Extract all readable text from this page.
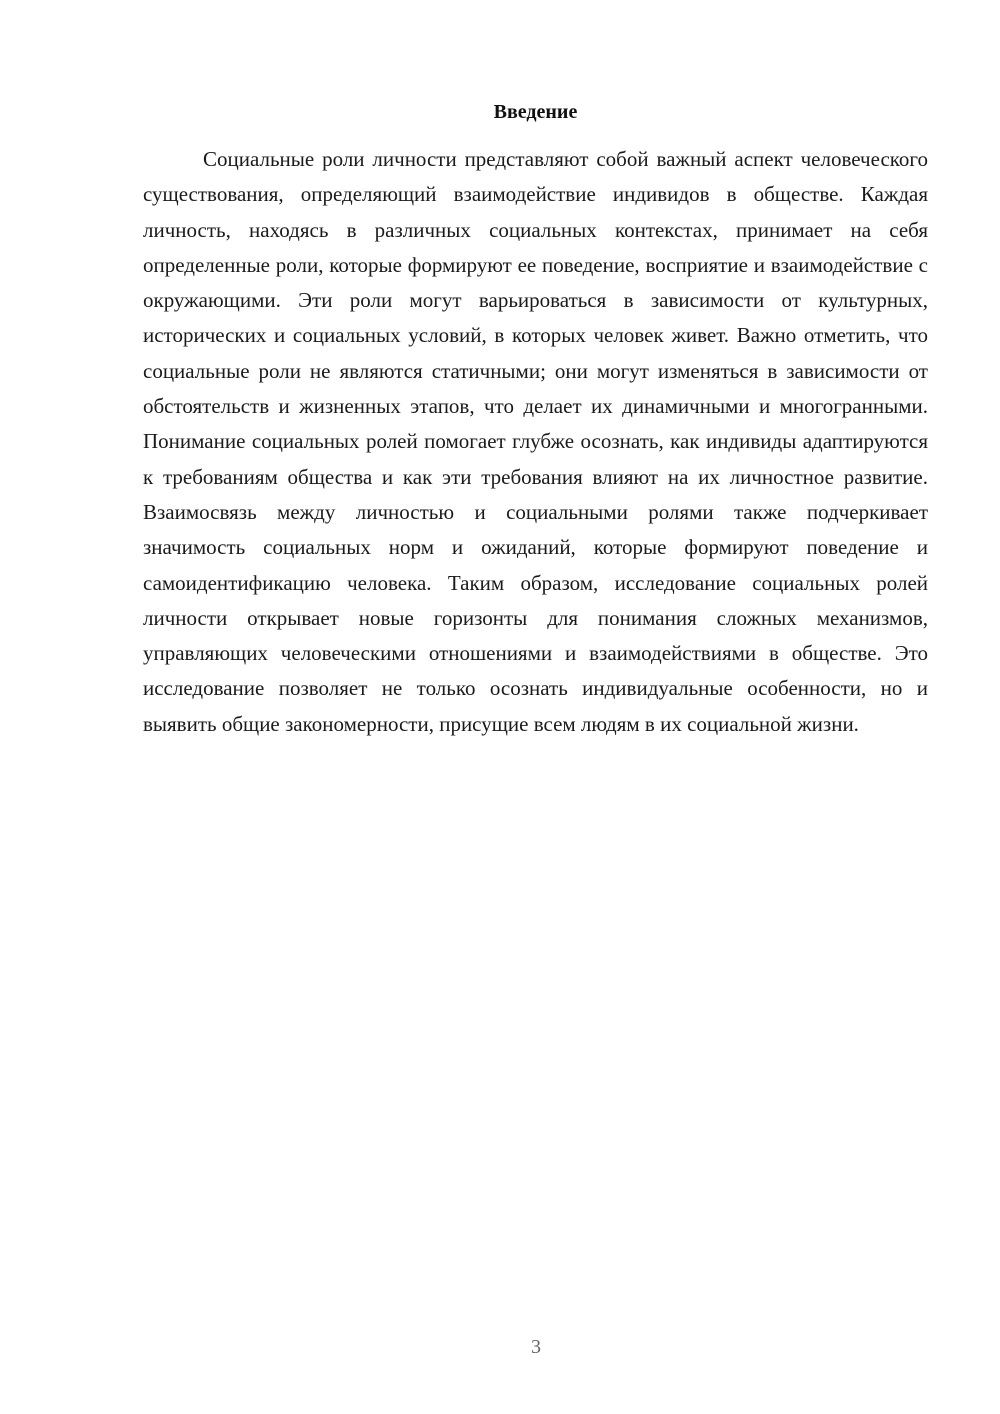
Введение

Социальные роли личности представляют собой важный аспект человеческого существования, определяющий взаимодействие индивидов в обществе. Каждая личность, находясь в различных социальных контекстах, принимает на себя определенные роли, которые формируют ее поведение, восприятие и взаимодействие с окружающими. Эти роли могут варьироваться в зависимости от культурных, исторических и социальных условий, в которых человек живет. Важно отметить, что социальные роли не являются статичными; они могут изменяться в зависимости от обстоятельств и жизненных этапов, что делает их динамичными и многогранными. Понимание социальных ролей помогает глубже осознать, как индивиды адаптируются к требованиям общества и как эти требования влияют на их личностное развитие. Взаимосвязь между личностью и социальными ролями также подчеркивает значимость социальных норм и ожиданий, которые формируют поведение и самоидентификацию человека. Таким образом, исследование социальных ролей личности открывает новые горизонты для понимания сложных механизмов, управляющих человеческими отношениями и взаимодействиями в обществе. Это исследование позволяет не только осознать индивидуальные особенности, но и выявить общие закономерности, присущие всем людям в их социальной жизни.

3
